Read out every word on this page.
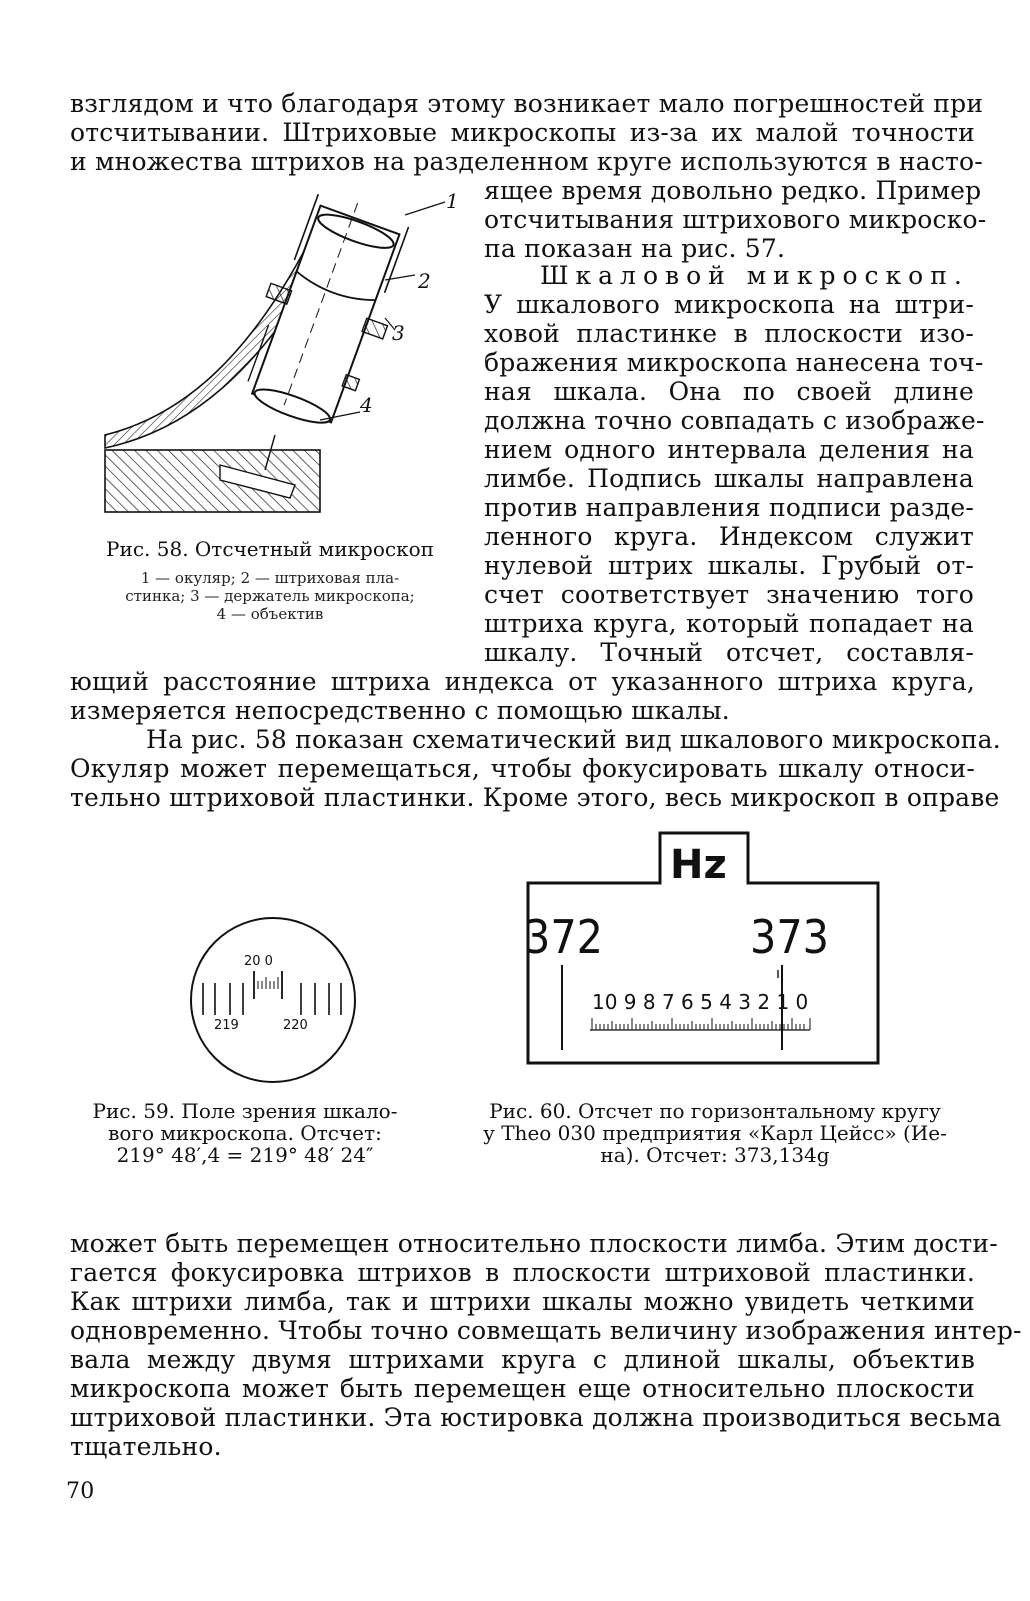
взглядом и что благодаря этому возникает мало погрешностей при
отсчитывании. Штриховые микроскопы из-за их малой точности
и множества штрихов на разделенном круге используются в насто-
ящее время довольно редко. Пример
отсчитывания штрихового микроско-
па показан на рис. 57.
Шкаловой микроскоп.
У шкалового микроскопа на штри-
ховой пластинке в плоскости изо-
бражения микроскопа нанесена точ-
ная шкала. Она по своей длине
должна точно совпадать с изображе-
нием одного интервала деления на
лимбе. Подпись шкалы направлена
против направления подписи разде-
ленного круга. Индексом служит
нулевой штрих шкалы. Грубый от-
счет соответствует значению того
штриха круга, который попадает на
шкалу. Точный отсчет, составля-
1
2
3
4
Рис. 58. Отсчетный микроскоп
1 — окуляр; 2 — штриховая пла-
стинка; 3 — держатель микроскопа;
4 — объектив
ющий расстояние штриха индекса от указанного штриха круга,
измеряется непосредственно с помощью шкалы.
На рис. 58 показан схематический вид шкалового микроскопа.
Окуляр может перемещаться, чтобы фокусировать шкалу относи-
тельно штриховой пластинки. Кроме этого, весь микроскоп в оправе
20 0
219	220
Рис. 59. Поле зрения шкало-
вого микроскопа. Отсчет:
219° 48′,4 = 219° 48′ 24″
Hz
372	373
10 9 8 7 6 5 4 3 2 1 0
Рис. 60. Отсчет по горизонтальному кругу
у Theo 030 предприятия «Карл Цейсс» (Ие-
на). Отсчет: 373,134g
может быть перемещен относительно плоскости лимба. Этим дости-
гается фокусировка штрихов в плоскости штриховой пластинки.
Как штрихи лимба, так и штрихи шкалы можно увидеть четкими
одновременно. Чтобы точно совмещать величину изображения интер-
вала между двумя штрихами круга с длиной шкалы, объектив
микроскопа может быть перемещен еще относительно плоскости
штриховой пластинки. Эта юстировка должна производиться весьма
тщательно.
70
